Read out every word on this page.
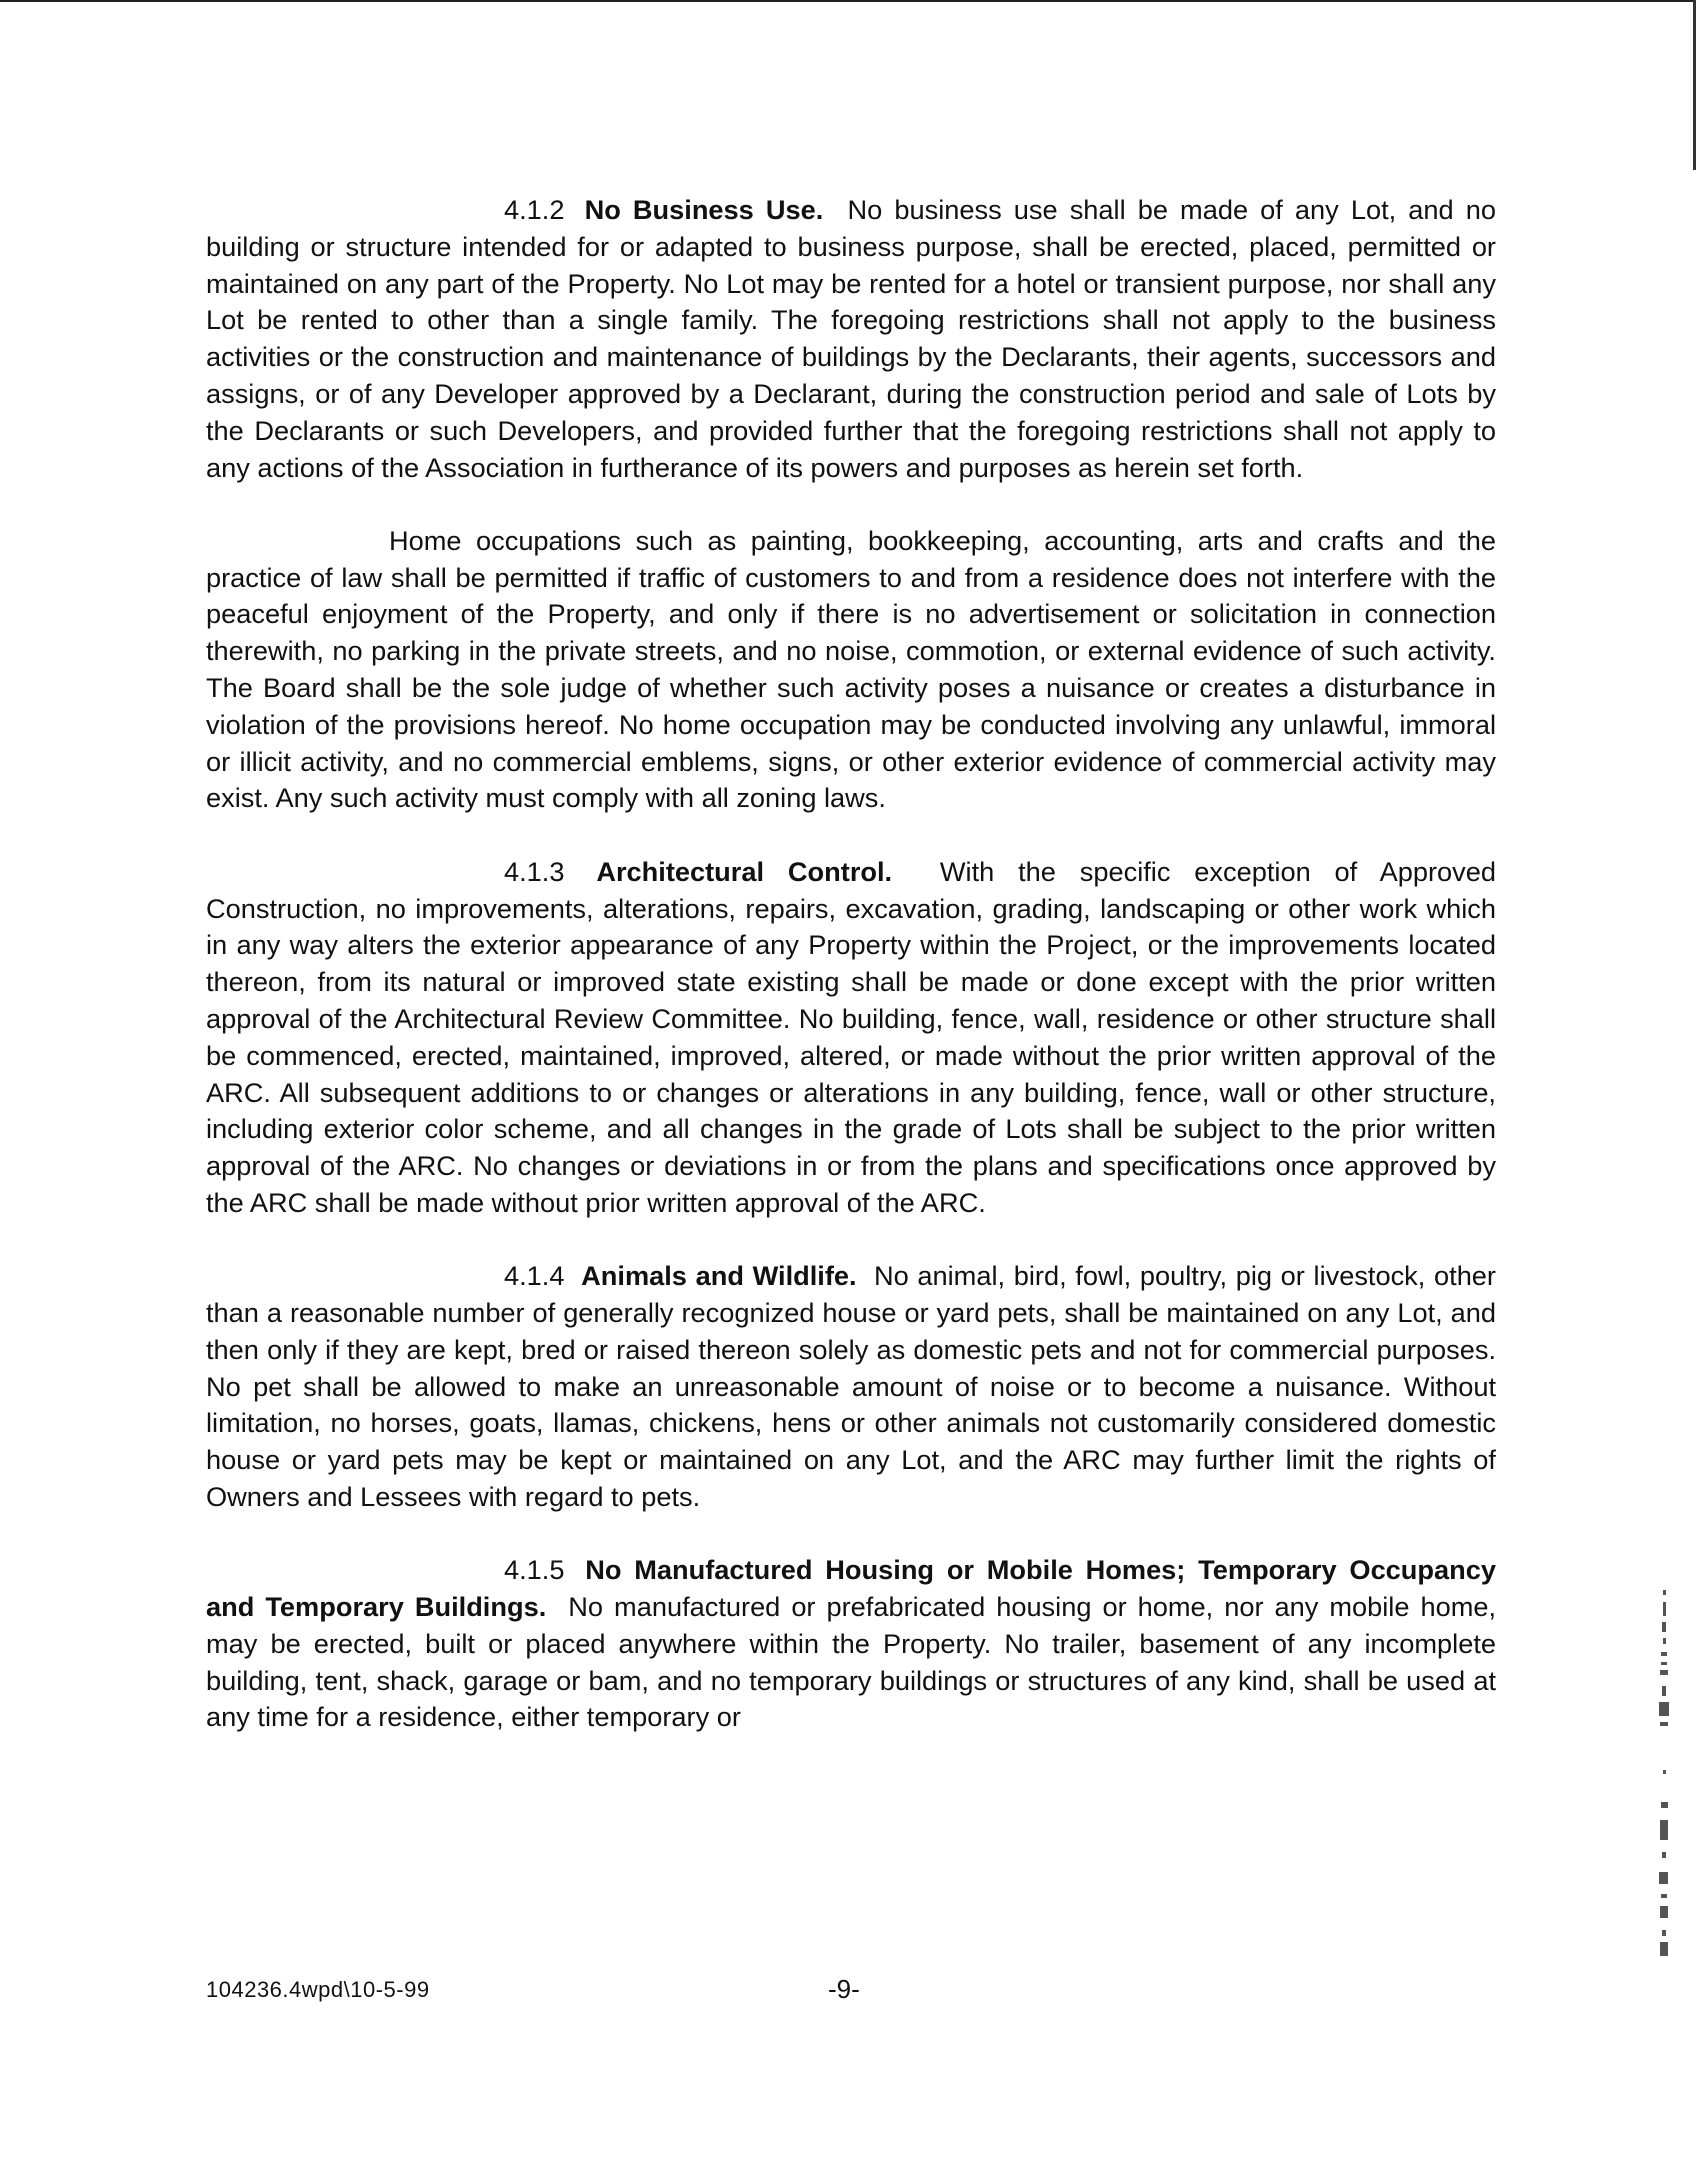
4.1.2 No Business Use. No business use shall be made of any Lot, and no building or structure intended for or adapted to business purpose, shall be erected, placed, permitted or maintained on any part of the Property. No Lot may be rented for a hotel or transient purpose, nor shall any Lot be rented to other than a single family. The foregoing restrictions shall not apply to the business activities or the construction and maintenance of buildings by the Declarants, their agents, successors and assigns, or of any Developer approved by a Declarant, during the construction period and sale of Lots by the Declarants or such Developers, and provided further that the foregoing restrictions shall not apply to any actions of the Association in furtherance of its powers and purposes as herein set forth.

Home occupations such as painting, bookkeeping, accounting, arts and crafts and the practice of law shall be permitted if traffic of customers to and from a residence does not interfere with the peaceful enjoyment of the Property, and only if there is no advertisement or solicitation in connection therewith, no parking in the private streets, and no noise, commotion, or external evidence of such activity. The Board shall be the sole judge of whether such activity poses a nuisance or creates a disturbance in violation of the provisions hereof. No home occupation may be conducted involving any unlawful, immoral or illicit activity, and no commercial emblems, signs, or other exterior evidence of commercial activity may exist. Any such activity must comply with all zoning laws.

4.1.3 Architectural Control. With the specific exception of Approved Construction, no improvements, alterations, repairs, excavation, grading, landscaping or other work which in any way alters the exterior appearance of any Property within the Project, or the improvements located thereon, from its natural or improved state existing shall be made or done except with the prior written approval of the Architectural Review Committee. No building, fence, wall, residence or other structure shall be commenced, erected, maintained, improved, altered, or made without the prior written approval of the ARC. All subsequent additions to or changes or alterations in any building, fence, wall or other structure, including exterior color scheme, and all changes in the grade of Lots shall be subject to the prior written approval of the ARC. No changes or deviations in or from the plans and specifications once approved by the ARC shall be made without prior written approval of the ARC.

4.1.4 Animals and Wildlife. No animal, bird, fowl, poultry, pig or livestock, other than a reasonable number of generally recognized house or yard pets, shall be maintained on any Lot, and then only if they are kept, bred or raised thereon solely as domestic pets and not for commercial purposes. No pet shall be allowed to make an unreasonable amount of noise or to become a nuisance. Without limitation, no horses, goats, llamas, chickens, hens or other animals not customarily considered domestic house or yard pets may be kept or maintained on any Lot, and the ARC may further limit the rights of Owners and Lessees with regard to pets.

4.1.5 No Manufactured Housing or Mobile Homes; Temporary Occupancy and Temporary Buildings. No manufactured or prefabricated housing or home, nor any mobile home, may be erected, built or placed anywhere within the Property. No trailer, basement of any incomplete building, tent, shack, garage or bam, and no temporary buildings or structures of any kind, shall be used at any time for a residence, either temporary or

104236.4wpd\10-5-99	-9-
